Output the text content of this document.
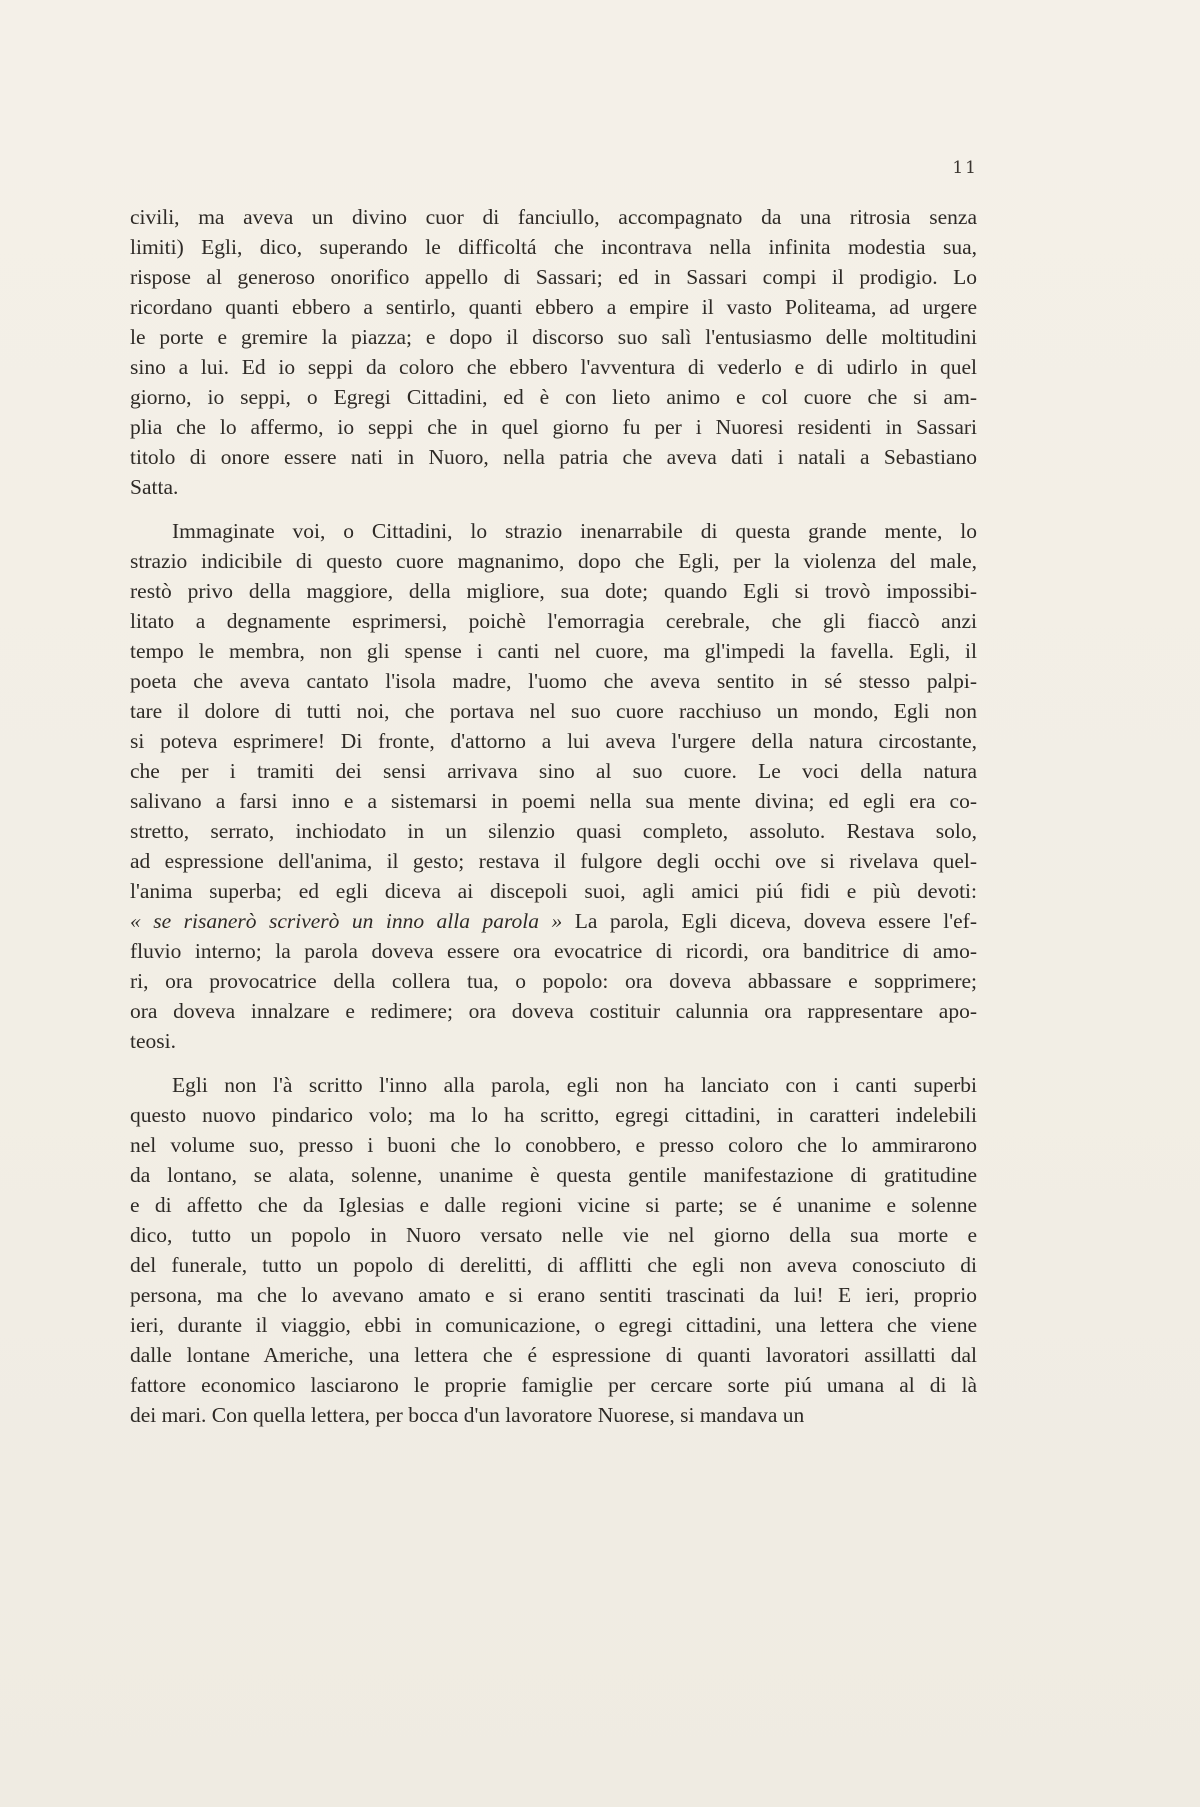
11
civili, ma aveva un divino cuor di fanciullo, accompagnato da una ritrosia senza
limiti) Egli, dico, superando le difficoltá che incontrava nella infinita modestia sua,
rispose al generoso onorifico appello di Sassari; ed in Sassari compi il prodigio. Lo
ricordano quanti ebbero a sentirlo, quanti ebbero a empire il vasto Politeama, ad urgere
le porte e gremire la piazza; e dopo il discorso suo salì l'entusiasmo delle moltitudini
sino a lui. Ed io seppi da coloro che ebbero l'avventura di vederlo e di udirlo in quel
giorno, io seppi, o Egregi Cittadini, ed è con lieto animo e col cuore che si am-
plia che lo affermo, io seppi che in quel giorno fu per i Nuoresi residenti in Sassari
titolo di onore essere nati in Nuoro, nella patria che aveva dati i natali a Sebastiano
Satta.
Immaginate voi, o Cittadini, lo strazio inenarrabile di questa grande mente, lo
strazio indicibile di questo cuore magnanimo, dopo che Egli, per la violenza del male,
restò privo della maggiore, della migliore, sua dote; quando Egli si trovò impossibi-
litato a degnamente esprimersi, poichè l'emorragia cerebrale, che gli fiaccò anzi
tempo le membra, non gli spense i canti nel cuore, ma gl'impedi la favella. Egli, il
poeta che aveva cantato l'isola madre, l'uomo che aveva sentito in sé stesso palpi-
tare il dolore di tutti noi, che portava nel suo cuore racchiuso un mondo, Egli non
si poteva esprimere! Di fronte, d'attorno a lui aveva l'urgere della natura circostante,
che per i tramiti dei sensi arrivava sino al suo cuore. Le voci della natura
salivano a farsi inno e a sistemarsi in poemi nella sua mente divina; ed egli era co-
stretto, serrato, inchiodato in un silenzio quasi completo, assoluto. Restava solo,
ad espressione dell'anima, il gesto; restava il fulgore degli occhi ove si rivelava quel-
l'anima superba; ed egli diceva ai discepoli suoi, agli amici piú fidi e più devoti:
« se risanerò scriverò un inno alla parola » La parola, Egli diceva, doveva essere l'ef-
fluvio interno; la parola doveva essere ora evocatrice di ricordi, ora banditrice di amo-
ri, ora provocatrice della collera tua, o popolo: ora doveva abbassare e sopprimere;
ora doveva innalzare e redimere; ora doveva costituir calunnia ora rappresentare apo-
teosi.
Egli non l'à scritto l'inno alla parola, egli non ha lanciato con i canti superbi
questo nuovo pindarico volo; ma lo ha scritto, egregi cittadini, in caratteri indelebili
nel volume suo, presso i buoni che lo conobbero, e presso coloro che lo ammirarono
da lontano, se alata, solenne, unanime è questa gentile manifestazione di gratitudine
e di affetto che da Iglesias e dalle regioni vicine si parte; se é unanime e solenne
dico, tutto un popolo in Nuoro versato nelle vie nel giorno della sua morte e
del funerale, tutto un popolo di derelitti, di afflitti che egli non aveva conosciuto di
persona, ma che lo avevano amato e si erano sentiti trascinati da lui! E ieri, proprio
ieri, durante il viaggio, ebbi in comunicazione, o egregi cittadini, una lettera che viene
dalle lontane Americhe, una lettera che é espressione di quanti lavoratori assillatti dal
fattore economico lasciarono le proprie famiglie per cercare sorte piú umana al di là
dei mari. Con quella lettera, per bocca d'un lavoratore Nuorese, si mandava un
